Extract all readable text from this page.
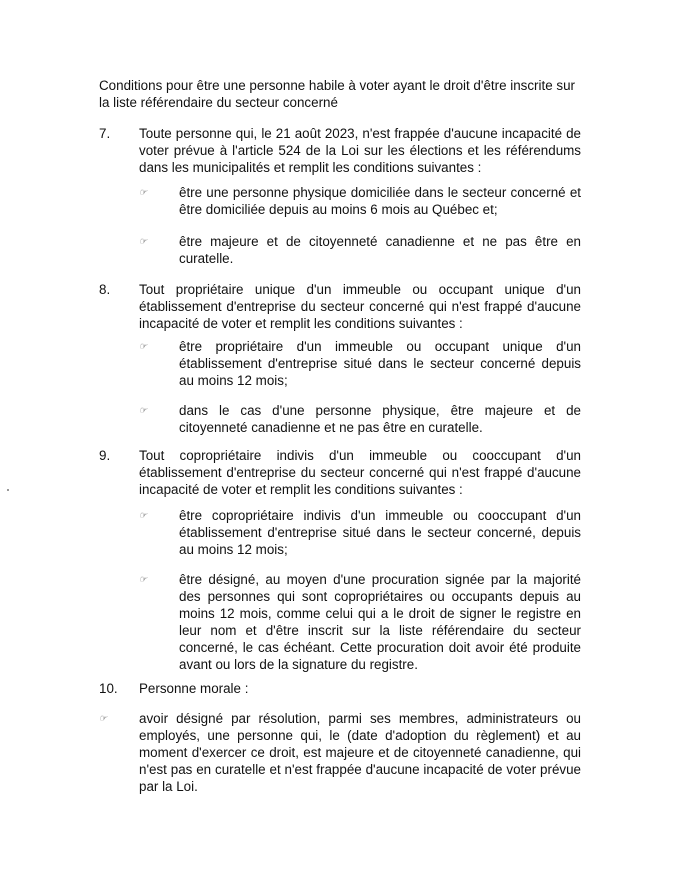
Conditions pour être une personne habile à voter ayant le droit d'être inscrite sur la liste référendaire du secteur concerné
7. Toute personne qui, le 21 août 2023, n'est frappée d'aucune incapacité de voter prévue à l'article 524 de la Loi sur les élections et les référendums dans les municipalités et remplit les conditions suivantes :
☞ être une personne physique domiciliée dans le secteur concerné et être domiciliée depuis au moins 6 mois au Québec et;
☞ être majeure et de citoyenneté canadienne et ne pas être en curatelle.
8. Tout propriétaire unique d'un immeuble ou occupant unique d'un établissement d'entreprise du secteur concerné qui n'est frappé d'aucune incapacité de voter et remplit les conditions suivantes :
☞ être propriétaire d'un immeuble ou occupant unique d'un établissement d'entreprise situé dans le secteur concerné depuis au moins 12 mois;
☞ dans le cas d'une personne physique, être majeure et de citoyenneté canadienne et ne pas être en curatelle.
9. Tout copropriétaire indivis d'un immeuble ou cooccupant d'un établissement d'entreprise du secteur concerné qui n'est frappé d'aucune incapacité de voter et remplit les conditions suivantes :
☞ être copropriétaire indivis d'un immeuble ou cooccupant d'un établissement d'entreprise situé dans le secteur concerné, depuis au moins 12 mois;
☞ être désigné, au moyen d'une procuration signée par la majorité des personnes qui sont copropriétaires ou occupants depuis au moins 12 mois, comme celui qui a le droit de signer le registre en leur nom et d'être inscrit sur la liste référendaire du secteur concerné, le cas échéant. Cette procuration doit avoir été produite avant ou lors de la signature du registre.
10. Personne morale :
☞ avoir désigné par résolution, parmi ses membres, administrateurs ou employés, une personne qui, le (date d'adoption du règlement) et au moment d'exercer ce droit, est majeure et de citoyenneté canadienne, qui n'est pas en curatelle et n'est frappée d'aucune incapacité de voter prévue par la Loi.
